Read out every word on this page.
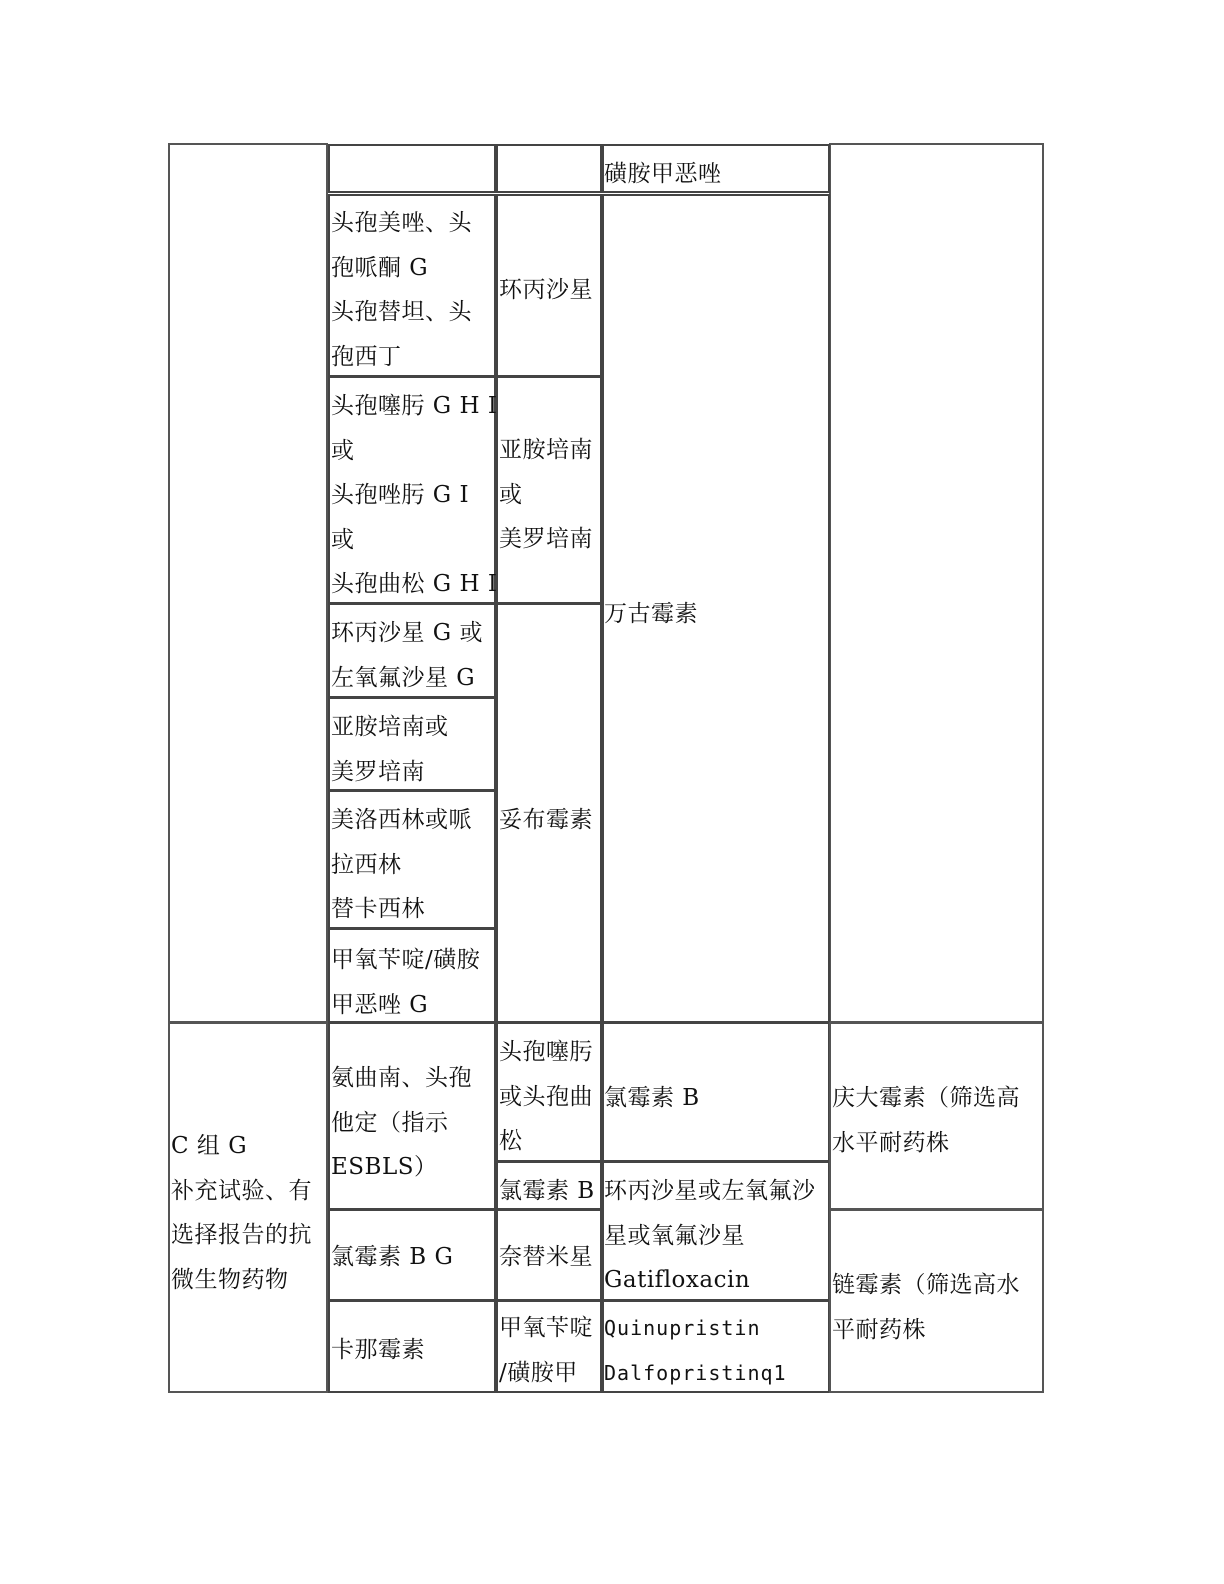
磺胺甲恶唑
头孢美唑、头
孢哌酮 G
头孢替坦、头
孢西丁
头孢噻肟 G H I
或
头孢唑肟 G I
或
头孢曲松 G H I
环丙沙星 G 或
左氧氟沙星 G
亚胺培南或
美罗培南
美洛西林或哌
拉西林
替卡西林
甲氧苄啶/磺胺
甲恶唑 G
环丙沙星
亚胺培南
或
美罗培南
妥布霉素
万古霉素
C 组 G
补充试验、有
选择报告的抗
微生物药物
氨曲南、头孢
他定（指示
ESBLS）
氯霉素 B G
卡那霉素
头孢噻肟
或头孢曲
松
氯霉素 B
奈替米星
甲氧苄啶
/磺胺甲
氯霉素 B
环丙沙星或左氧氟沙
星或氧氟沙星
Gatifloxacin
Quinupristin
Dalfopristinq1
庆大霉素（筛选高
水平耐药株
链霉素（筛选高水
平耐药株
